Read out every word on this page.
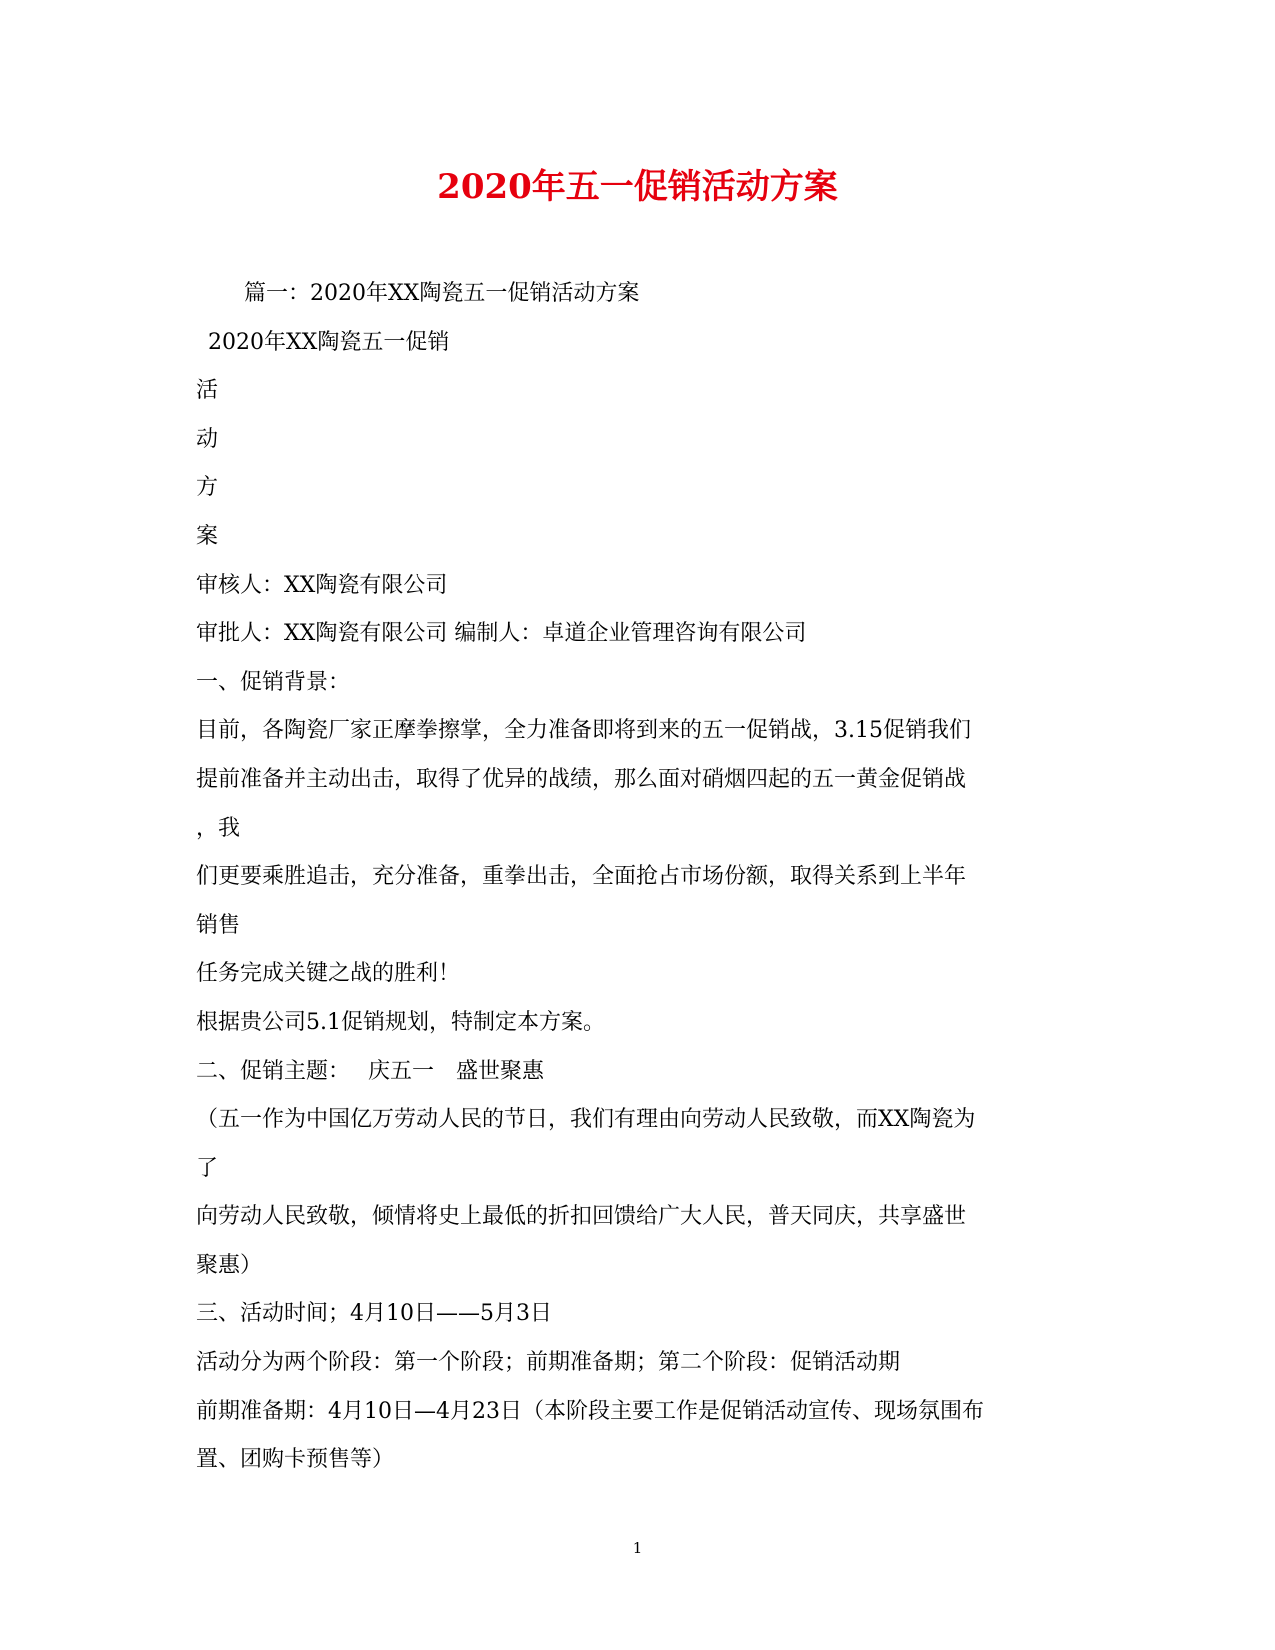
2020年五一促销活动方案
篇一：2020年XX陶瓷五一促销活动方案
2020年XX陶瓷五一促销
活
动
方
案
审核人：XX陶瓷有限公司
审批人：XX陶瓷有限公司 编制人：卓道企业管理咨询有限公司
一、促销背景：
目前，各陶瓷厂家正摩拳擦掌，全力准备即将到来的五一促销战，3.15促销我们
提前准备并主动出击，取得了优异的战绩，那么面对硝烟四起的五一黄金促销战
，我
们更要乘胜追击，充分准备，重拳出击，全面抢占市场份额，取得关系到上半年
销售
任务完成关键之战的胜利！
根据贵公司5.1促销规划，特制定本方案。
二、促销主题：　 庆五一　盛世聚惠
（五一作为中国亿万劳动人民的节日，我们有理由向劳动人民致敬，而XX陶瓷为
了
向劳动人民致敬，倾情将史上最低的折扣回馈给广大人民，普天同庆，共享盛世
聚惠）
三、活动时间；4月10日——5月3日
活动分为两个阶段：第一个阶段；前期准备期；第二个阶段：促销活动期
前期准备期：4月10日—4月23日（本阶段主要工作是促销活动宣传、现场氛围布
置、团购卡预售等）
1
